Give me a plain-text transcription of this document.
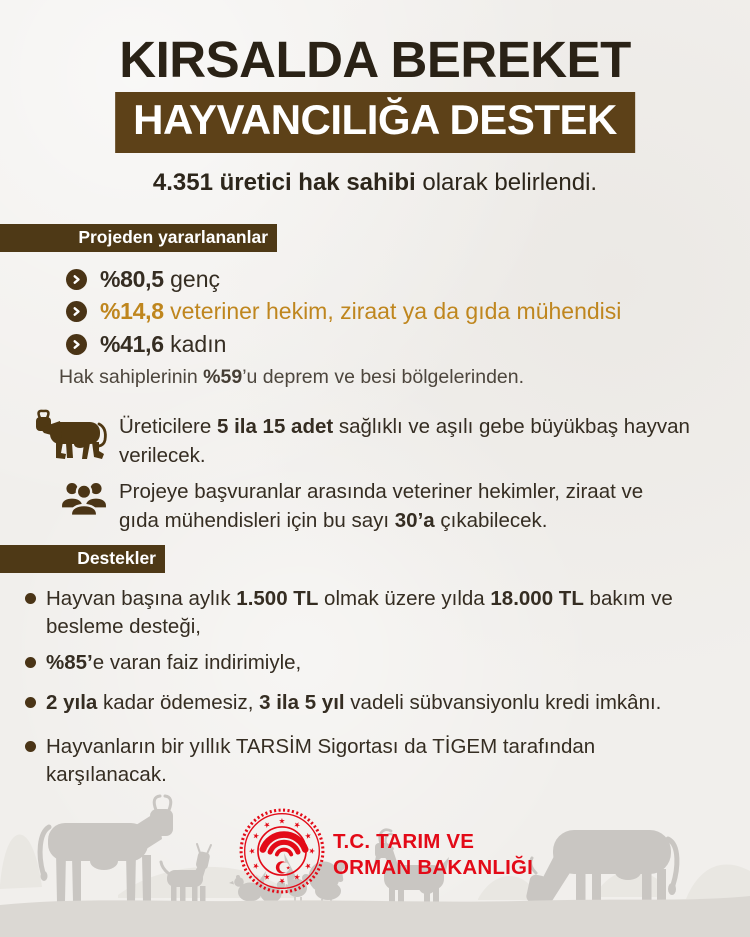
KIRSALDA BEREKET
HAYVANCILIĞA DESTEK
4.351 üretici hak sahibi olarak belirlendi.
Projeden yararlananlar
%80,5 genç
%14,8 veteriner hekim, ziraat ya da gıda mühendisi
%41,6 kadın
Hak sahiplerinin %59’u deprem ve besi bölgelerinden.
Üreticilere 5 ila 15 adet sağlıklı ve aşılı gebe büyükbaş hayvan verilecek.
Projeye başvuranlar arasında veteriner hekimler, ziraat ve gıda mühendisleri için bu sayı 30’a çıkabilecek.
Destekler
Hayvan başına aylık 1.500 TL olmak üzere yılda 18.000 TL bakım ve besleme desteği,
%85’e varan faiz indirimiyle,
2 yıla kadar ödemesiz, 3 ila 5 yıl vadeli sübvansiyonlu kredi imkânı.
Hayvanların bir yıllık TARSİM Sigortası da TİGEM tarafından karşılanacak.
★ ★
★
★
★
★
★
★
★
★
★
★
★
T.C. TARIM VE
ORMAN BAKANLIĞI
